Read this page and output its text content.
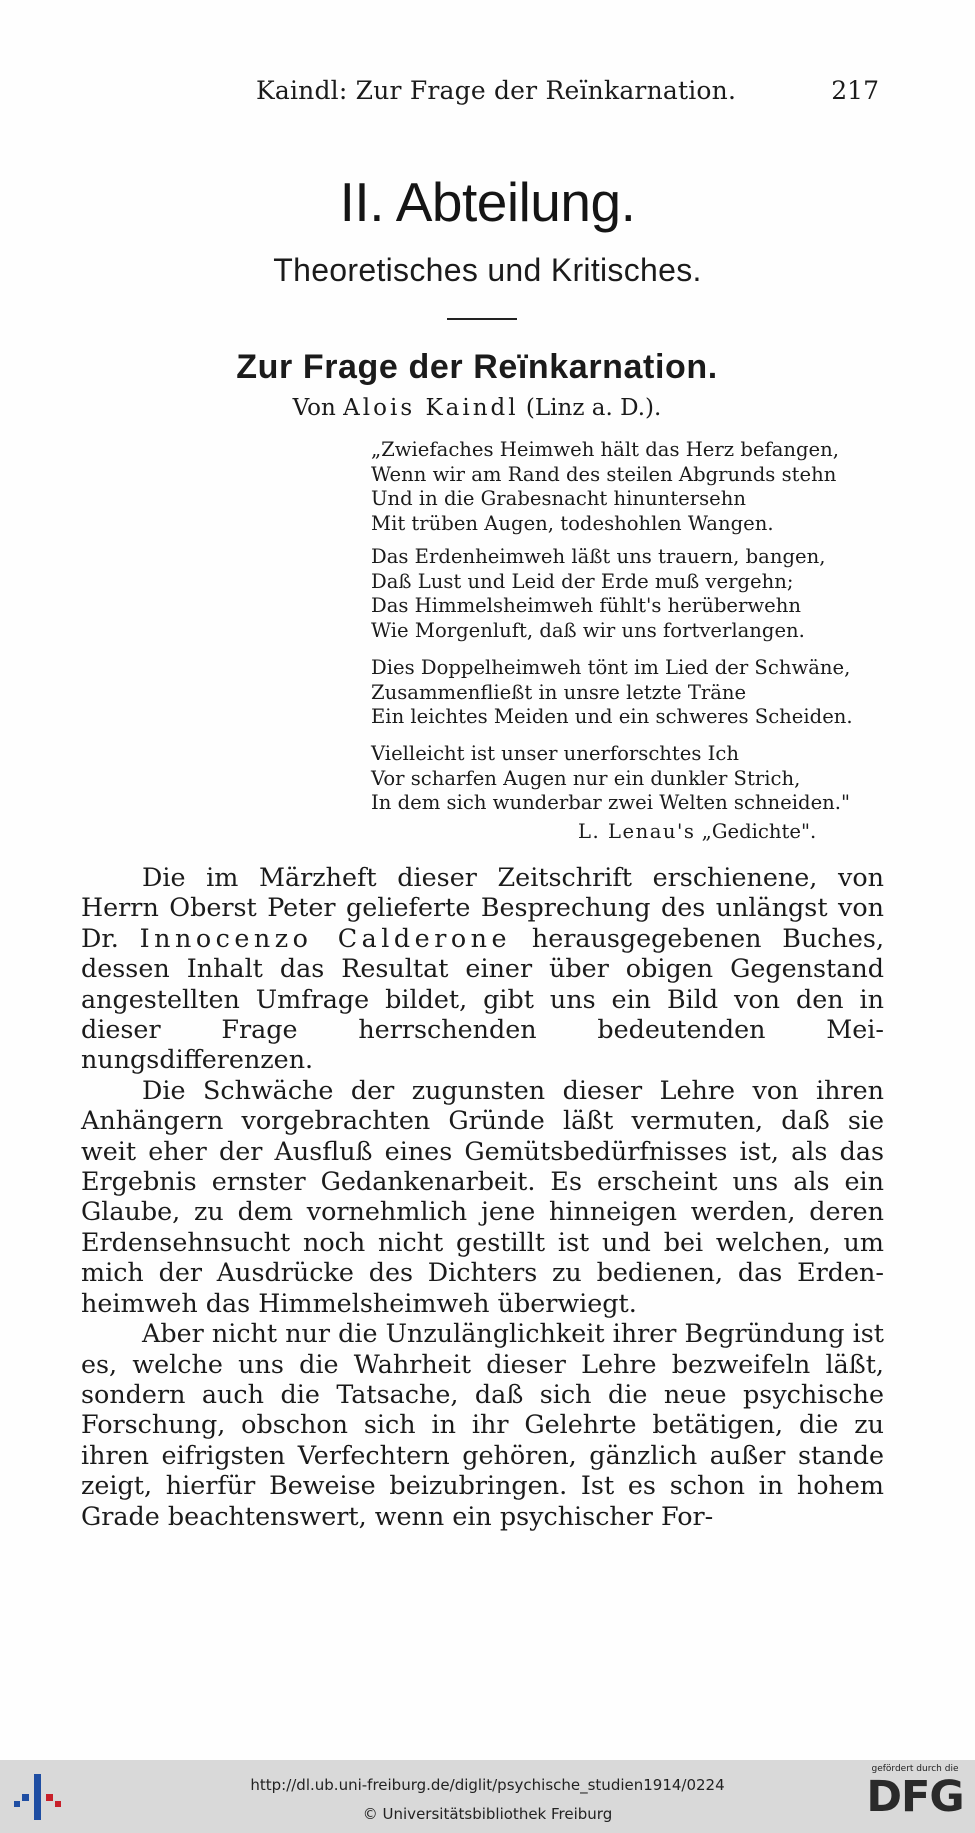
Kaindl: Zur Frage der Reïnkarnation.	217
II. Abteilung.
Theoretisches und Kritisches.
Zur Frage der Reïnkarnation.
Von Alois Kaindl (Linz a. D.).
„Zwiefaches Heimweh hält das Herz befangen,
Wenn wir am Rand des steilen Abgrunds stehn
Und in die Grabesnacht hinuntersehn
Mit trüben Augen, todeshohlen Wangen.
Das Erdenheimweh läßt uns trauern, bangen,
Daß Lust und Leid der Erde muß vergehn;
Das Himmelsheimweh fühlt's herüberwehn
Wie Morgenluft, daß wir uns fortverlangen.
Dies Doppelheimweh tönt im Lied der Schwäne,
Zusammenfließt in unsre letzte Träne
Ein leichtes Meiden und ein schweres Scheiden.
Vielleicht ist unser unerforschtes Ich
Vor scharfen Augen nur ein dunkler Strich,
In dem sich wunderbar zwei Welten schneiden."
L. Lenau's „Gedichte".

Die im Märzheft dieser Zeitschrift erschienene, von Herrn Oberst Peter gelieferte Besprechung des unlängst von Dr. Innocenzo Calderone herausgegebenen Buches, dessen Inhalt das Resultat einer über obigen Gegenstand angestellten Umfrage bildet, gibt uns ein Bild von den in dieser Frage herrschenden bedeutenden Meinungsdifferenzen.

Die Schwäche der zugunsten dieser Lehre von ihren Anhängern vorgebrachten Gründe läßt vermuten, daß sie weit eher der Ausfluß eines Gemütsbedürfnisses ist, als das Ergebnis ernster Gedankenarbeit. Es erscheint uns als ein Glaube, zu dem vornehmlich jene hinneigen werden, deren Erdensehnsucht noch nicht gestillt ist und bei welchen, um mich der Ausdrücke des Dichters zu bedienen, das Erdenheimweh das Himmelsheimweh überwiegt.

Aber nicht nur die Unzulänglichkeit ihrer Begründung ist es, welche uns die Wahrheit dieser Lehre bezweifeln läßt, sondern auch die Tatsache, daß sich die neue psychische Forschung, obschon sich in ihr Gelehrte betätigen, die zu ihren eifrigsten Verfechtern gehören, gänzlich außer stande zeigt, hierfür Beweise beizubringen. Ist es schon in hohem Grade beachtenswert, wenn ein psychischer For-

http://dl.ub.uni-freiburg.de/diglit/psychische_studien1914/0224
© Universitätsbibliothek Freiburg
gefördert durch die
DFG
